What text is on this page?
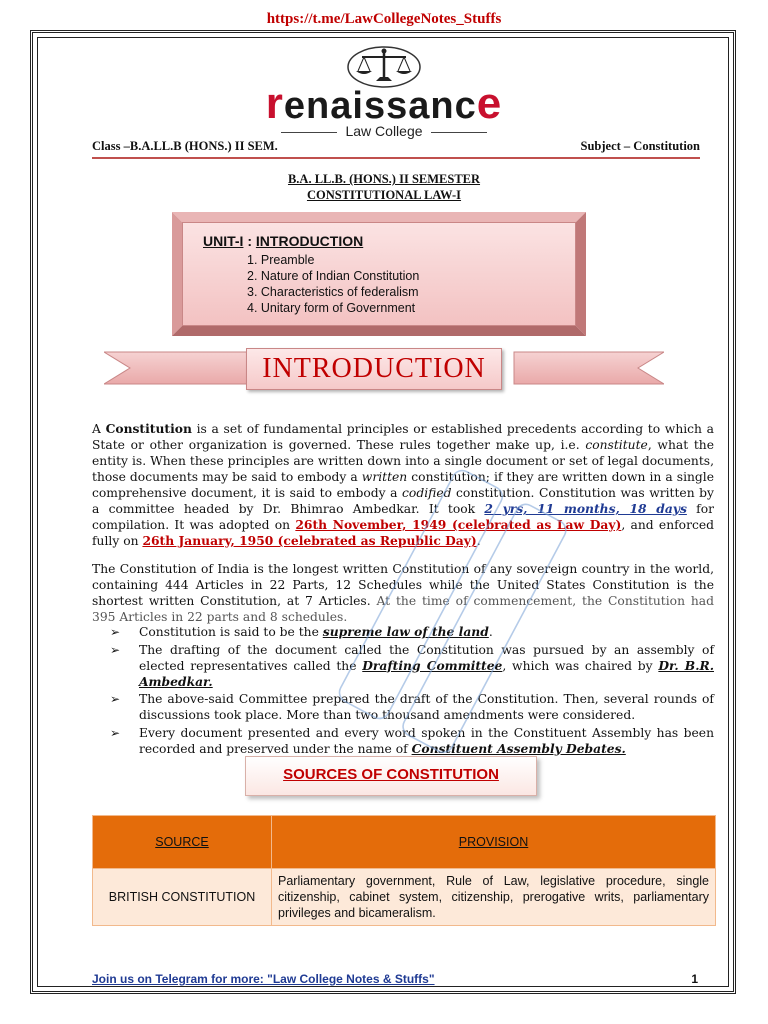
https://t.me/LawCollegeNotes_Stuffs
renaissance
Law College
Class –B.A.LL.B (HONS.) II SEM.	Subject – Constitution
B.A. LL.B. (HONS.) II SEMESTER
CONSTITUTIONAL LAW-I
UNIT-I : INTRODUCTION
1. Preamble
2. Nature of Indian Constitution
3. Characteristics of federalism
4. Unitary form of Government
INTRODUCTION

A Constitution is a set of fundamental principles or established precedents according to which a State or other organization is governed. These rules together make up, i.e. constitute, what the entity is. When these principles are written down into a single document or set of legal documents, those documents may be said to embody a written constitution; if they are written down in a single comprehensive document, it is said to embody a codified constitution. Constitution was written by a committee headed by Dr. Bhimrao Ambedkar. It took 2 yrs, 11 months, 18 days for compilation. It was adopted on 26th November, 1949 (celebrated as Law Day), and enforced fully on 26th January, 1950 (celebrated as Republic Day).

The Constitution of India is the longest written Constitution of any sovereign country in the world, containing 444 Articles in 22 Parts, 12 Schedules while the United States Constitution is the shortest written Constitution, at 7 Articles. At the time of commencement, the Constitution had 395 Articles in 22 parts and 8 schedules.

➢ Constitution is said to be the supreme law of the land.
➢ The drafting of the document called the Constitution was pursued by an assembly of elected representatives called the Drafting Committee, which was chaired by Dr. B.R. Ambedkar.
➢ The above-said Committee prepared the draft of the Constitution. Then, several rounds of discussions took place. More than two thousand amendments were considered.
➢ Every document presented and every word spoken in the Constituent Assembly has been recorded and preserved under the name of Constituent Assembly Debates.
SOURCES OF CONSTITUTION
SOURCE	PROVISION
BRITISH CONSTITUTION	Parliamentary government, Rule of Law, legislative procedure, single citizenship, cabinet system, citizenship, prerogative writs, parliamentary privileges and bicameralism.
Join us on Telegram for more: "Law College Notes & Stuffs"	1
